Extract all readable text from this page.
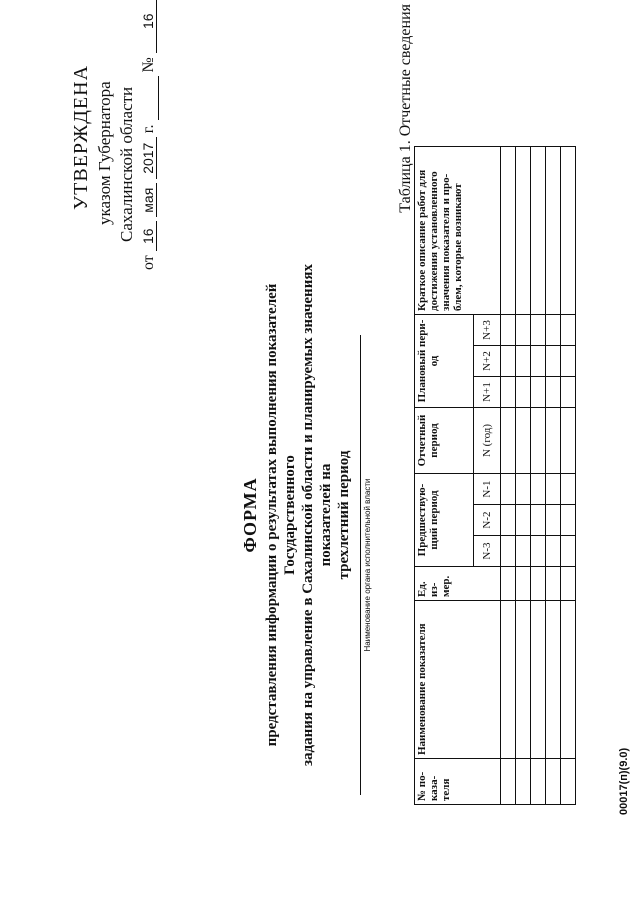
УТВЕРЖДЕНА указом Губернатора Сахалинской области
от 16 мая 2017 г.   № 16
ФОРМА представления информации о результатах выполнения показателей Государственного задания на управление в Сахалинской области и планируемых значениях показателей на трехлетний период Наименование органа исполнительной власти
Таблица 1. Отчетные сведения
№ по-каза-теля	Наименование показателя	Ед. из-мер.	Предшествую-щий период			Отчетный период	Плановый пери-од			Краткое описание работ для достижения установленного значения показателя и про-блем, которые возникают
			N-3	N-2	N-1	N (год)	N+1	N+2	N+3	

00017(п)(9.0)
